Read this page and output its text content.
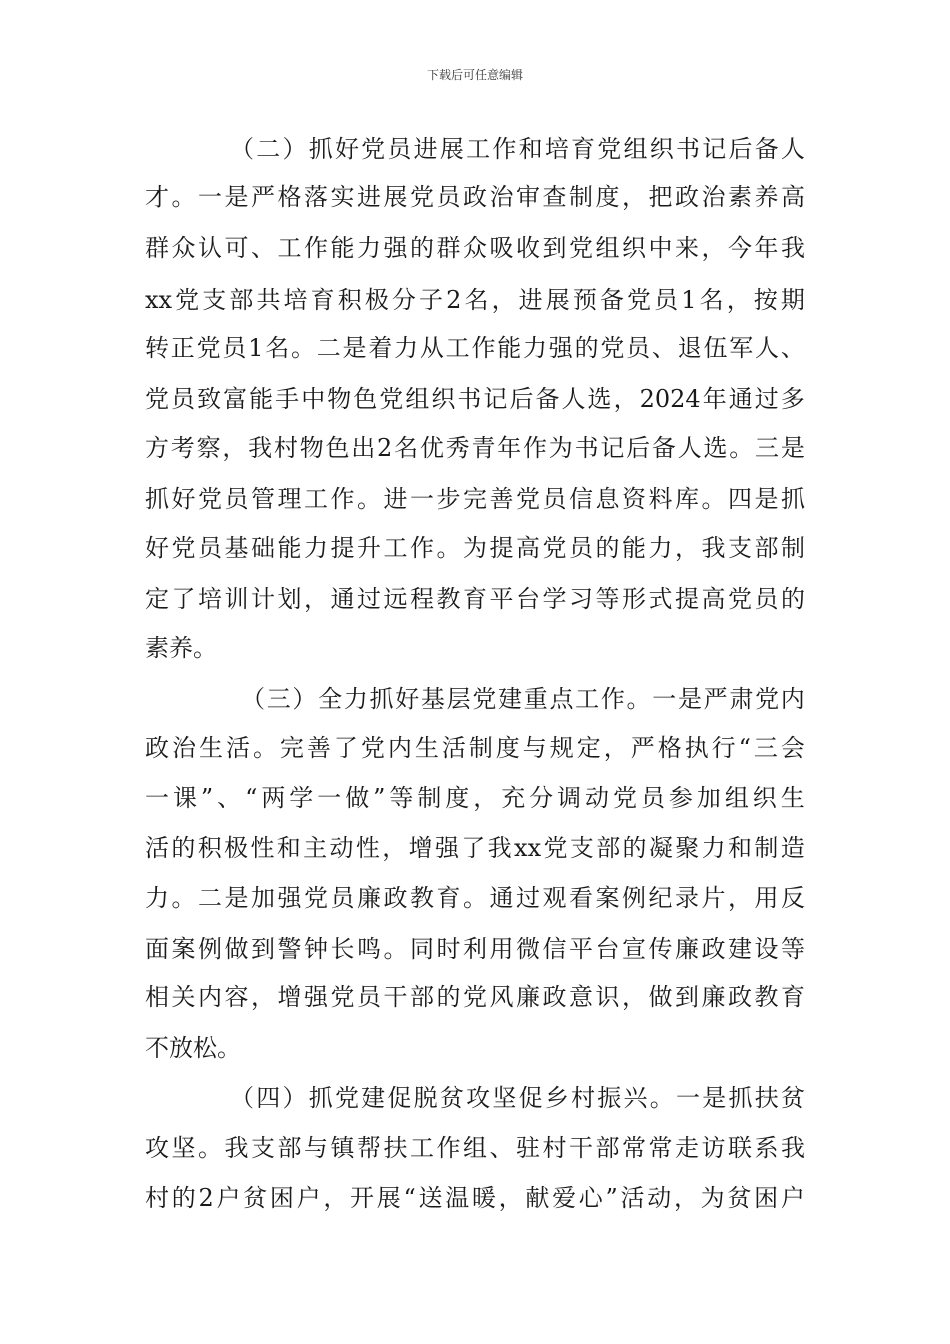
下载后可任意编辑
（ 二 ） 抓 好 党 员 进 展 工 作 和 培 育 党 组 织 书 记 后 备 人
才 。 一 是 严 格 落 实 进 展 党 员 政 治 审 查 制 度 ， 把 政 治 素 养 高
群 众 认 可 、 工 作 能 力 强 的 群 众 吸 收 到 党 组 织 中 来 ， 今 年 我
xx 党 支 部 共 培 育 积 极 分 子 2 名 ， 进 展 预 备 党 员 1 名 ， 按 期
转 正 党 员 1 名 。 二 是 着 力 从 工 作 能 力 强 的 党 员 、 退 伍 军 人 、
党 员 致 富 能 手 中 物 色 党 组 织 书 记 后 备 人 选 ， 2024 年 通 过 多
方 考 察 ， 我 村 物 色 出 2 名 优 秀 青 年 作 为 书 记 后 备 人 选 。 三 是
抓 好 党 员 管 理 工 作 。 进 一 步 完 善 党 员 信 息 资 料 库 。 四 是 抓
好 党 员 基 础 能 力 提 升 工 作 。 为 提 高 党 员 的 能 力 ， 我 支 部 制
定 了 培 训 计 划 ， 通 过 远 程 教 育 平 台 学 习 等 形 式 提 高 党 员 的
素养。
（ 三 ） 全 力 抓 好 基 层 党 建 重 点 工 作 。 一 是 严 肃 党 内
政 治 生 活 。 完 善 了 党 内 生 活 制 度 与 规 定 ， 严 格 执 行 “ 三 会
一 课 ” 、 “ 两 学 一 做 ” 等 制 度 ， 充 分 调 动 党 员 参 加 组 织 生
活 的 积 极 性 和 主 动 性 ， 增 强 了 我 xx 党 支 部 的 凝 聚 力 和 制 造
力 。 二 是 加 强 党 员 廉 政 教 育 。 通 过 观 看 案 例 纪 录 片 ， 用 反
面 案 例 做 到 警 钟 长 鸣 。 同 时 利 用 微 信 平 台 宣 传 廉 政 建 设 等
相 关 内 容 ， 增 强 党 员 干 部 的 党 风 廉 政 意 识 ， 做 到 廉 政 教 育
不放松。
（ 四 ） 抓 党 建 促 脱 贫 攻 坚 促 乡 村 振 兴 。 一 是 抓 扶 贫
攻 坚 。 我 支 部 与 镇 帮 扶 工 作 组 、 驻 村 干 部 常 常 走 访 联 系 我
村 的 2 户 贫 困 户 ， 开 展 “ 送 温 暖 ， 献 爱 心 ” 活 动 ， 为 贫 困 户
